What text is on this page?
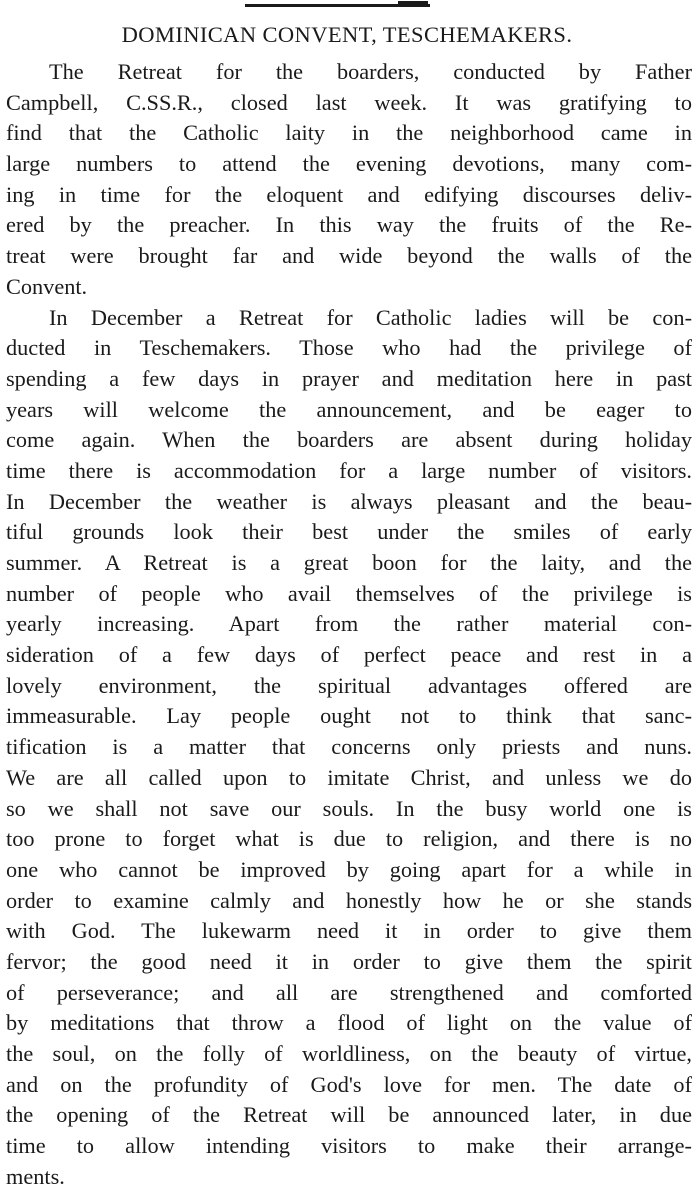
DOMINICAN CONVENT, TESCHEMAKERS.
The Retreat for the boarders, conducted by Father
Campbell, C.SS.R., closed last week. It was gratifying to
find that the Catholic laity in the neighborhood came in
large numbers to attend the evening devotions, many com-
ing in time for the eloquent and edifying discourses deliv-
ered by the preacher. In this way the fruits of the Re-
treat were brought far and wide beyond the walls of the
Convent.
In December a Retreat for Catholic ladies will be con-
ducted in Teschemakers. Those who had the privilege of
spending a few days in prayer and meditation here in past
years will welcome the announcement, and be eager to
come again. When the boarders are absent during holiday
time there is accommodation for a large number of visitors.
In December the weather is always pleasant and the beau-
tiful grounds look their best under the smiles of early
summer. A Retreat is a great boon for the laity, and the
number of people who avail themselves of the privilege is
yearly increasing. Apart from the rather material con-
sideration of a few days of perfect peace and rest in a
lovely environment, the spiritual advantages offered are
immeasurable. Lay people ought not to think that sanc-
tification is a matter that concerns only priests and nuns.
We are all called upon to imitate Christ, and unless we do
so we shall not save our souls. In the busy world one is
too prone to forget what is due to religion, and there is no
one who cannot be improved by going apart for a while in
order to examine calmly and honestly how he or she stands
with God. The lukewarm need it in order to give them
fervor; the good need it in order to give them the spirit
of perseverance; and all are strengthened and comforted
by meditations that throw a flood of light on the value of
the soul, on the folly of worldliness, on the beauty of virtue,
and on the profundity of God's love for men. The date of
the opening of the Retreat will be announced later, in due
time to allow intending visitors to make their arrange-
ments.
